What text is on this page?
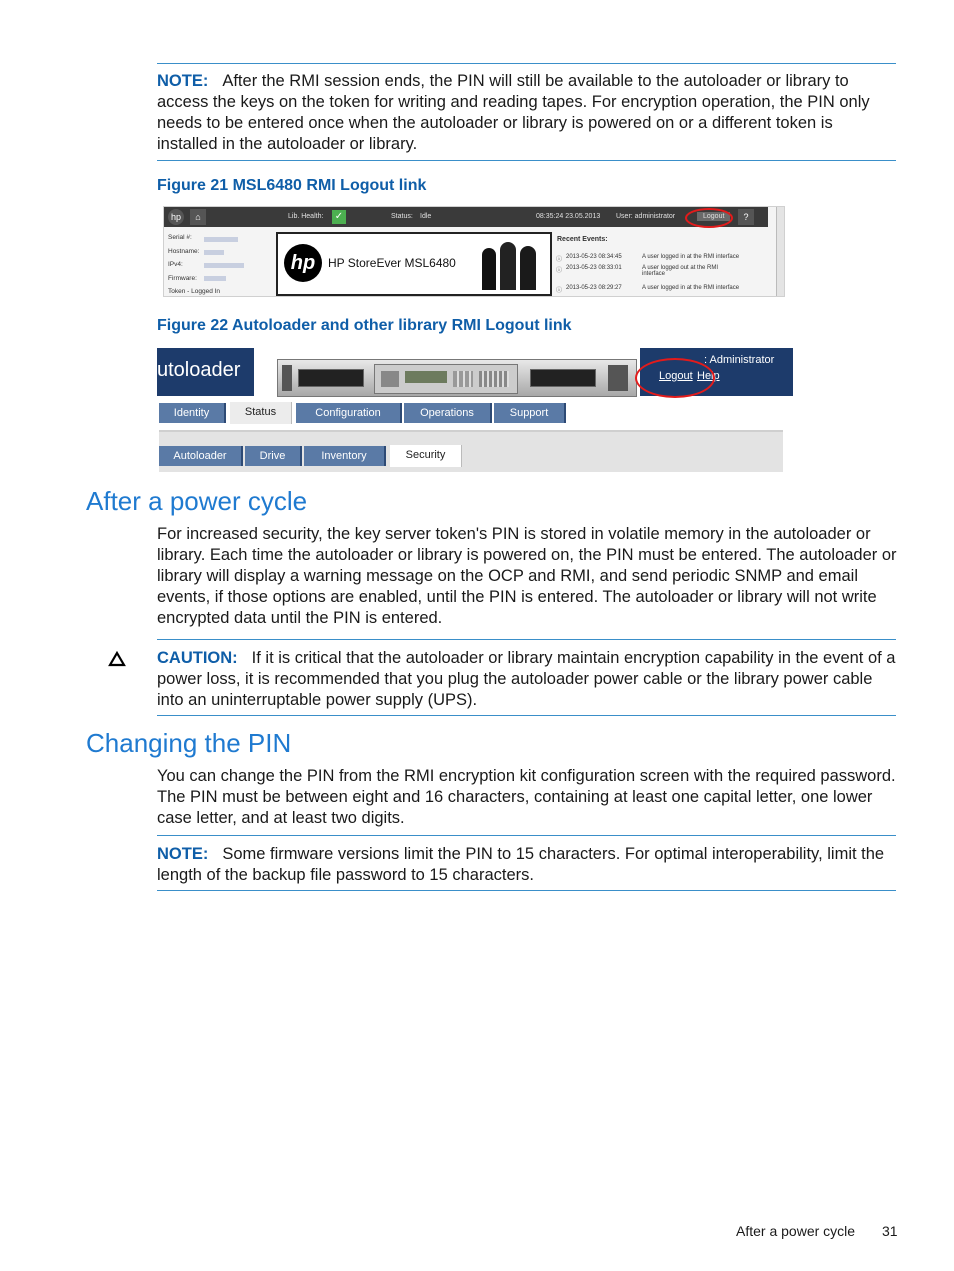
NOTE: After the RMI session ends, the PIN will still be available to the autoloader or library to access the keys on the token for writing and reading tapes. For encryption operation, the PIN only needs to be entered once when the autoloader or library is powered on or a different token is installed in the autoloader or library.
Figure 21 MSL6480 RMI Logout link
hp	⌂	Lib. Health: ✓	Status: Idle	08:35:24 23.05.2013 User: administrator	Logout	?
Serial #:
Hostname:
IPv4:
Firmware:
Token - Logged In
hp	HP StoreEver MSL6480
Recent Events:
ⓘ 2013-05-23 08:34:45	A user logged in at the RMI interface
ⓘ 2013-05-23 08:33:01	A user logged out at the RMI interface
ⓘ 2013-05-23 08:29:27	A user logged in at the RMI interface
Figure 22 Autoloader and other library RMI Logout link
utoloader	: Administrator
Logout Help
Identity	Status	Configuration	Operations	Support
Autoloader	Drive	Inventory	Security
After a power cycle
For increased security, the key server token's PIN is stored in volatile memory in the autoloader or library. Each time the autoloader or library is powered on, the PIN must be entered. The autoloader or library will display a warning message on the OCP and RMI, and send periodic SNMP and email events, if those options are enabled, until the PIN is entered. The autoloader or library will not write encrypted data until the PIN is entered.
CAUTION: If it is critical that the autoloader or library maintain encryption capability in the event of a power loss, it is recommended that you plug the autoloader power cable or the library power cable into an uninterruptable power supply (UPS).
Changing the PIN
You can change the PIN from the RMI encryption kit configuration screen with the required password. The PIN must be between eight and 16 characters, containing at least one capital letter, one lower case letter, and at least two digits.
NOTE: Some firmware versions limit the PIN to 15 characters. For optimal interoperability, limit the length of the backup file password to 15 characters.
After a power cycle 31
